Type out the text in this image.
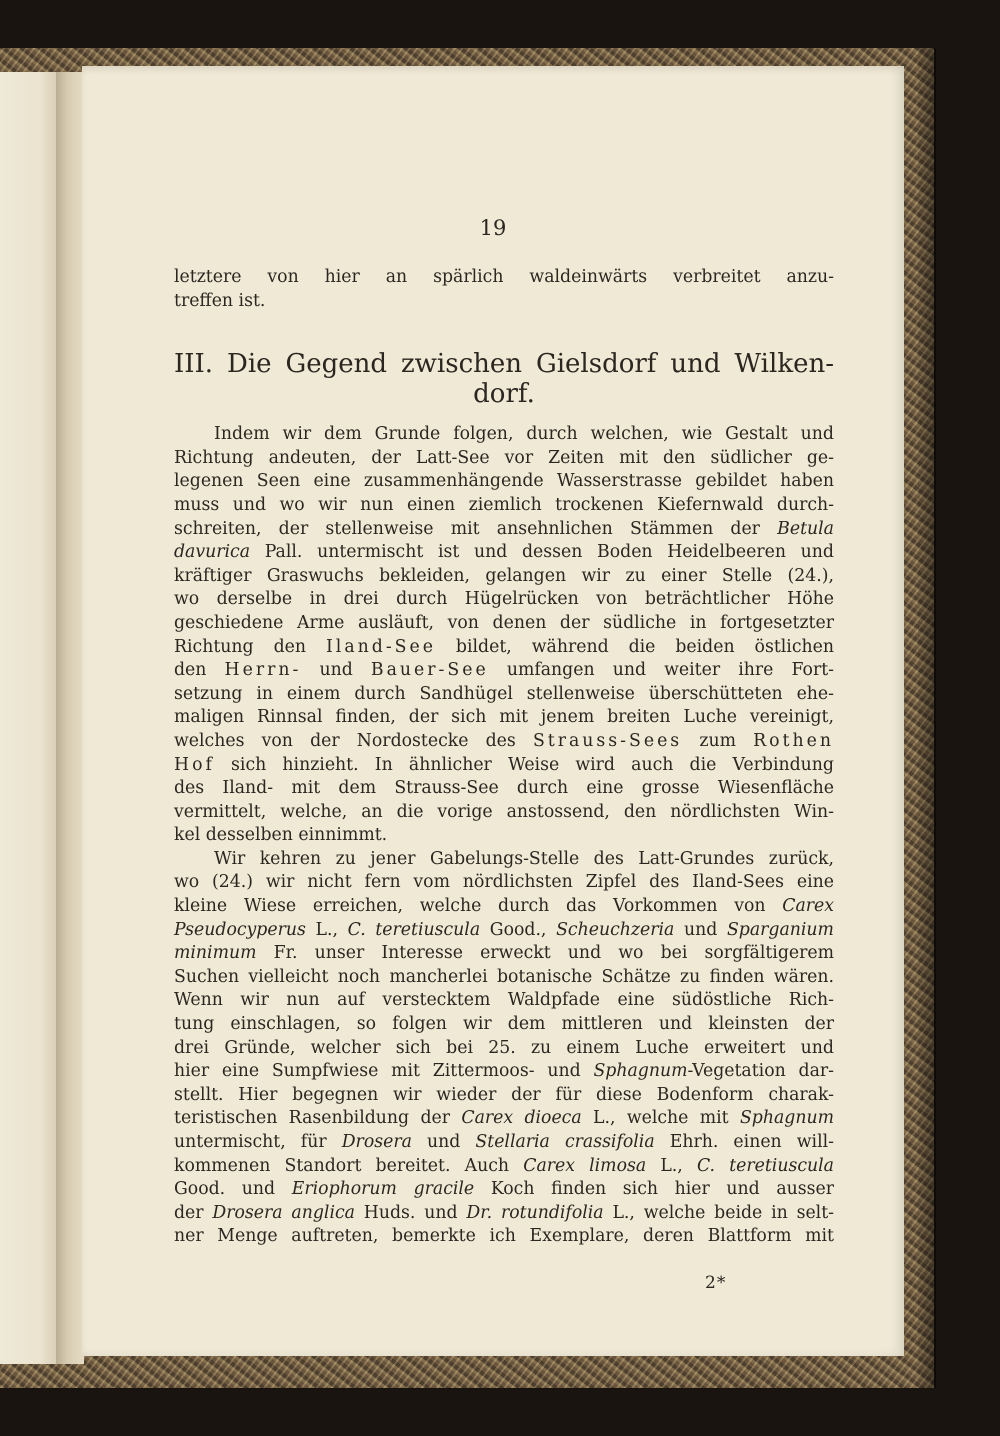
19
letztere von hier an spärlich waldeinwärts verbreitet anzu-
treffen ist.
III. Die Gegend zwischen Gielsdorf und Wilken-
dorf.
Indem wir dem Grunde folgen, durch welchen, wie Gestalt und
Richtung andeuten, der Latt-See vor Zeiten mit den südlicher ge-
legenen Seen eine zusammenhängende Wasserstrasse gebildet haben
muss und wo wir nun einen ziemlich trockenen Kiefernwald durch-
schreiten, der stellenweise mit ansehnlichen Stämmen der Betula
davurica Pall. untermischt ist und dessen Boden Heidelbeeren und
kräftiger Graswuchs bekleiden, gelangen wir zu einer Stelle (24.),
wo derselbe in drei durch Hügelrücken von beträchtlicher Höhe
geschiedene Arme ausläuft, von denen der südliche in fortgesetzter
Richtung den Iland-See bildet, während die beiden östlichen
den Herrn- und Bauer-See umfangen und weiter ihre Fort-
setzung in einem durch Sandhügel stellenweise überschütteten ehe-
maligen Rinnsal finden, der sich mit jenem breiten Luche vereinigt,
welches von der Nordostecke des Strauss-Sees zum Rothen
Hof sich hinzieht. In ähnlicher Weise wird auch die Verbindung
des Iland- mit dem Strauss-See durch eine grosse Wiesenfläche
vermittelt, welche, an die vorige anstossend, den nördlichsten Win-
kel desselben einnimmt.
Wir kehren zu jener Gabelungs-Stelle des Latt-Grundes zurück,
wo (24.) wir nicht fern vom nördlichsten Zipfel des Iland-Sees eine
kleine Wiese erreichen, welche durch das Vorkommen von Carex
Pseudocyperus L., C. teretiuscula Good., Scheuchzeria und Sparganium
minimum Fr. unser Interesse erweckt und wo bei sorgfältigerem
Suchen vielleicht noch mancherlei botanische Schätze zu finden wären.
Wenn wir nun auf verstecktem Waldpfade eine südöstliche Rich-
tung einschlagen, so folgen wir dem mittleren und kleinsten der
drei Gründe, welcher sich bei 25. zu einem Luche erweitert und
hier eine Sumpfwiese mit Zittermoos- und Sphagnum-Vegetation dar-
stellt. Hier begegnen wir wieder der für diese Bodenform charak-
teristischen Rasenbildung der Carex dioeca L., welche mit Sphagnum
untermischt, für Drosera und Stellaria crassifolia Ehrh. einen will-
kommenen Standort bereitet. Auch Carex limosa L., C. teretiuscula
Good. und Eriophorum gracile Koch finden sich hier und ausser
der Drosera anglica Huds. und Dr. rotundifolia L., welche beide in selt-
ner Menge auftreten, bemerkte ich Exemplare, deren Blattform mit
2*
